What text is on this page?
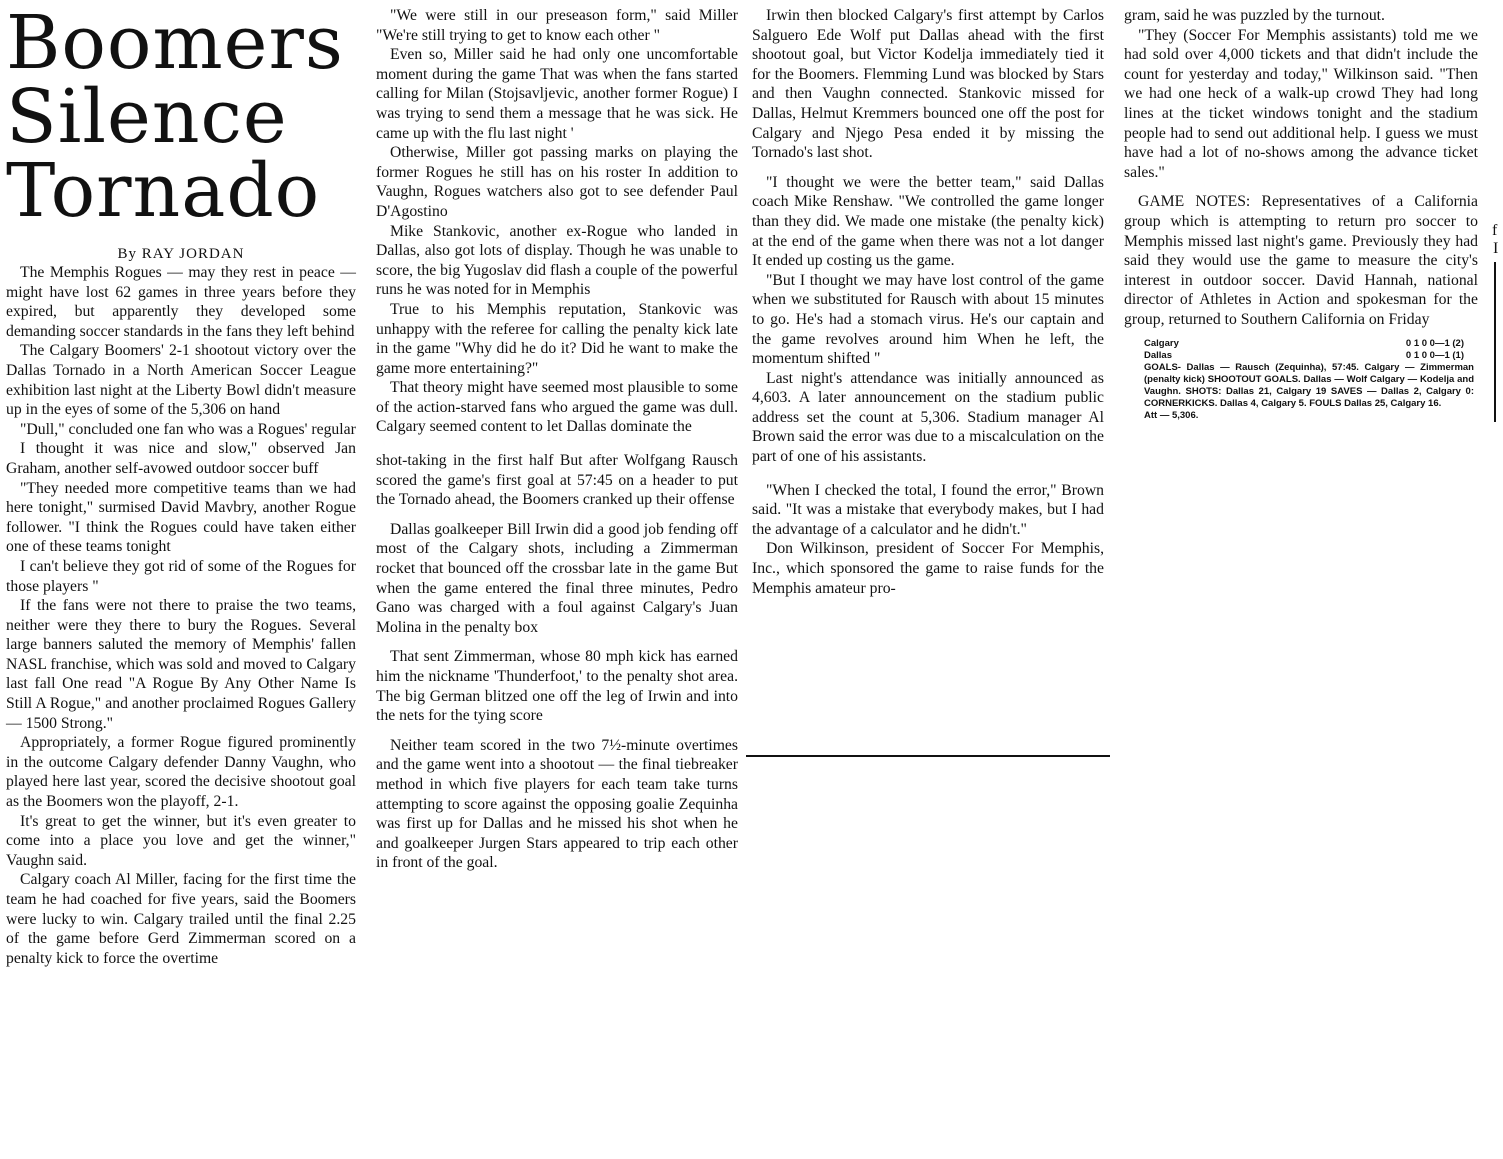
Boomers
Silence
Tornado
By RAY JORDAN

The Memphis Rogues — may they rest in peace — might have lost 62 games in three years before they expired, but apparently they developed some demanding soccer standards in the fans they left behind

The Calgary Boomers' 2-1 shootout victory over the Dallas Tornado in a North American Soccer League exhibition last night at the Liberty Bowl didn't measure up in the eyes of some of the 5,306 on hand

"Dull," concluded one fan who was a Rogues' regular

I thought it was nice and slow," observed Jan Graham, another self-avowed outdoor soccer buff

"They needed more competitive teams than we had here tonight," surmised David Mavbry, another Rogue follower. "I think the Rogues could have taken either one of these teams tonight

I can't believe they got rid of some of the Rogues for those players "

If the fans were not there to praise the two teams, neither were they there to bury the Rogues. Several large banners saluted the memory of Memphis' fallen NASL franchise, which was sold and moved to Calgary last fall One read "A Rogue By Any Other Name Is Still A Rogue," and another proclaimed Rogues Gallery — 1500 Strong."

Appropriately, a former Rogue figured prominently in the outcome Calgary defender Danny Vaughn, who played here last year, scored the decisive shootout goal as the Boomers won the playoff, 2-1.

It's great to get the winner, but it's even greater to come into a place you love and get the winner," Vaughn said.

Calgary coach Al Miller, facing for the first time the team he had coached for five years, said the Boomers were lucky to win. Calgary trailed until the final 2.25 of the game before Gerd Zimmerman scored on a penalty kick to force the overtime

"We were still in our preseason form," said Miller "We're still trying to get to know each other "

Even so, Miller said he had only one uncomfortable moment during the game That was when the fans started calling for Milan (Stojsavljevic, another former Rogue) I was trying to send them a message that he was sick. He came up with the flu last night '

Otherwise, Miller got passing marks on playing the former Rogues he still has on his roster In addition to Vaughn, Rogues watchers also got to see defender Paul D'Agostino

Mike Stankovic, another ex-Rogue who landed in Dallas, also got lots of display. Though he was unable to score, the big Yugoslav did flash a couple of the powerful runs he was noted for in Memphis

True to his Memphis reputation, Stankovic was unhappy with the referee for calling the penalty kick late in the game "Why did he do it? Did he want to make the game more entertaining?"

That theory might have seemed most plausible to some of the action-starved fans who argued the game was dull. Calgary seemed content to let Dallas dominate the

shot-taking in the first half But after Wolfgang Rausch scored the game's first goal at 57:45 on a header to put the Tornado ahead, the Boomers cranked up their offense

Dallas goalkeeper Bill Irwin did a good job fending off most of the Calgary shots, including a Zimmerman rocket that bounced off the crossbar late in the game But when the game entered the final three minutes, Pedro Gano was charged with a foul against Calgary's Juan Molina in the penalty box

That sent Zimmerman, whose 80 mph kick has earned him the nickname 'Thunderfoot,' to the penalty shot area. The big German blitzed one off the leg of Irwin and into the nets for the tying score

Neither team scored in the two 7½-minute overtimes and the game went into a shootout — the final tiebreaker method in which five players for each team take turns attempting to score against the opposing goalie Zequinha was first up for Dallas and he missed his shot when he and goalkeeper Jurgen Stars appeared to trip each other in front of the goal.

Irwin then blocked Calgary's first attempt by Carlos Salguero Ede Wolf put Dallas ahead with the first shootout goal, but Victor Kodelja immediately tied it for the Boomers. Flemming Lund was blocked by Stars and then Vaughn connected. Stankovic missed for Dallas, Helmut Kremmers bounced one off the post for Calgary and Njego Pesa ended it by missing the Tornado's last shot.

"I thought we were the better team," said Dallas coach Mike Renshaw. "We controlled the game longer than they did. We made one mistake (the penalty kick) at the end of the game when there was not a lot danger It ended up costing us the game.

"But I thought we may have lost control of the game when we substituted for Rausch with about 15 minutes to go. He's had a stomach virus. He's our captain and the game revolves around him When he left, the momentum shifted "

Last night's attendance was initially announced as 4,603. A later announcement on the stadium public address set the count at 5,306. Stadium manager Al Brown said the error was due to a miscalculation on the part of one of his assistants.

"When I checked the total, I found the error," Brown said. "It was a mistake that everybody makes, but I had the advantage of a calculator and he didn't."

Don Wilkinson, president of Soccer For Memphis, Inc., which sponsored the game to raise funds for the Memphis amateur pro-

gram, said he was puzzled by the turnout.

"They (Soccer For Memphis assistants) told me we had sold over 4,000 tickets and that didn't include the count for yesterday and today," Wilkinson said. "Then we had one heck of a walk-up crowd They had long lines at the ticket windows tonight and the stadium people had to send out additional help. I guess we must have had a lot of no-shows among the advance ticket sales."

GAME NOTES: Representatives of a California group which is attempting to return pro soccer to Memphis missed last night's game. Previously they had said they would use the game to measure the city's interest in outdoor soccer. David Hannah, national director of Athletes in Action and spokesman for the group, returned to Southern California on Friday

Calgary	0 1 0 0—1 (2)
Dallas	0 1 0 0—1 (1)

GOALS- Dallas — Rausch (Zequinha), 57:45. Calgary — Zimmerman (penalty kick) SHOOTOUT GOALS. Dallas — Wolf Calgary — Kodelja and Vaughn. SHOTS: Dallas 21, Calgary 19 SAVES — Dallas 2, Calgary 0: CORNERKICKS. Dallas 4, Calgary 5. FOULS Dallas 25, Calgary 16.

Att — 5,306.

f
I
